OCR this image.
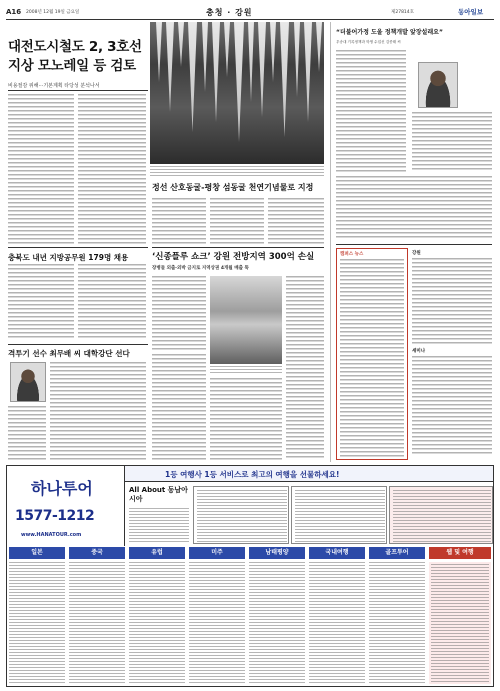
A16 2008년 12월 19일 금요일	충청 · 강원	제27814호	동아일보
대전도시철도 2, 3호선 지상 모노레일 등 검토
비용절감 위해···기본계획 타당성 분석나서
정선 산호동굴-평창 섬동굴 천연기념물로 지정
“더불어가정 도울 정책개발 앞장설래요”
우송대 기록정책과 학생 수업신 김종태 씨
충북도 내년 지방공무원 179명 채용
격투기 선수 최무배 씨 대학강단 선다
‘신종플루 쇼크’ 강원 전방지역 300억 손실
장병들 외출·외박 금지로 지역상권 4개월 매출 뚝
캠퍼스 뉴스	강원
세미나
하나투어
1577-1212
www.HANATOUR.com
1등 여행사 1등 서비스로 최고의 여행을 선물하세요!
All About 동남아시아
일본	중국	유럽	미주	남태평양	국내여행	골프투어	웹 및 여행
